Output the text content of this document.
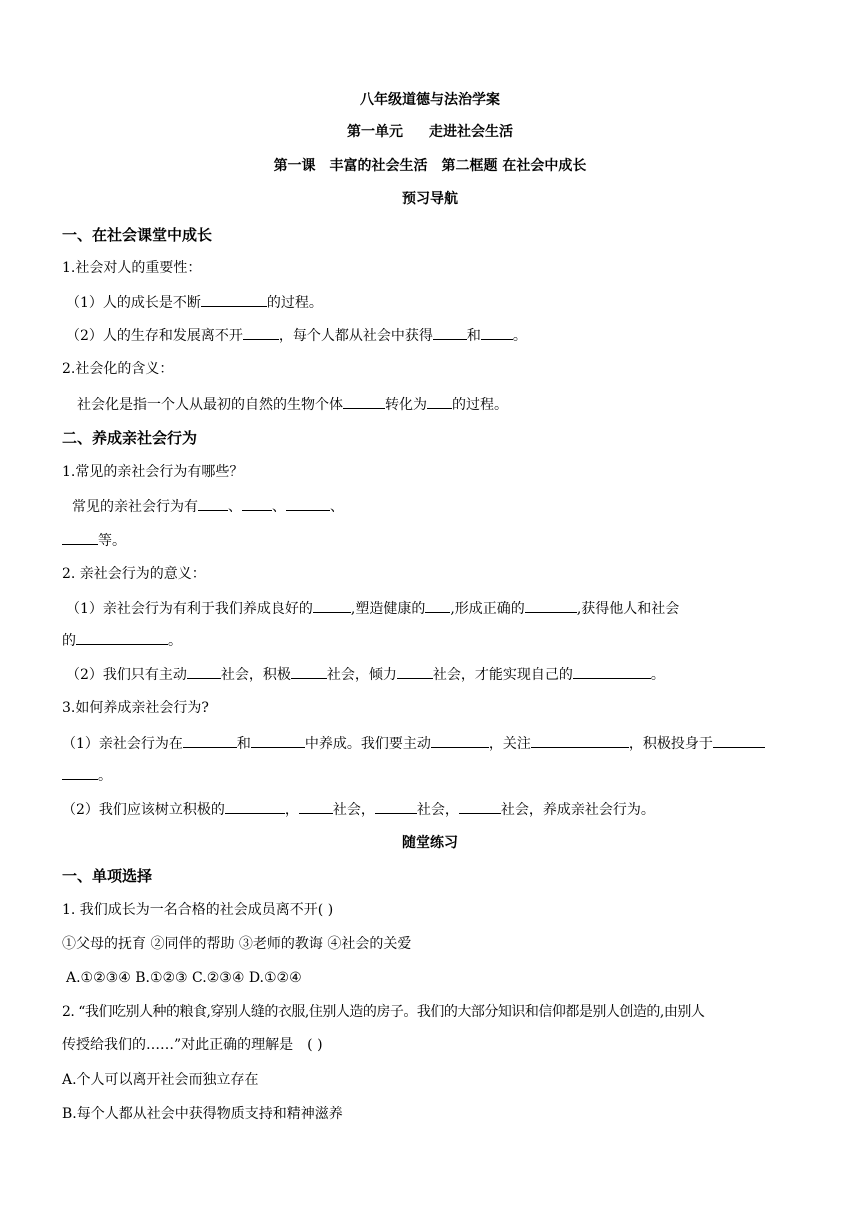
八年级道德与法治学案
第一单元 走进社会生活
第一课　丰富的社会生活　第二框题 在社会中成长
预习导航
一、在社会课堂中成长
1.社会对人的重要性：
（1）人的成长是不断	的过程。
（2）人的生存和发展离不开	，每个人都从社会中获得 和 。
2.社会化的含义：
社会化是指一个人从最初的自然的生物个体	转化为 的过程。
二、养成亲社会行为
1.常见的亲社会行为有哪些？
常见的亲社会行为有 、 、	、
等。
2. 亲社会行为的意义：
（1）亲社会行为有利于我们养成良好的	,塑造健康的 ,形成正确的	,获得他人和社会
的	。
（2）我们只有主动 社会，积极	社会，倾力	社会，才能实现自己的	。
3.如何养成亲社会行为?
（1）亲社会行为在	和	中养成。我们要主动	，关注	，积极投身于
。
（2）我们应该树立积极的	， 社会，	社会，	社会，养成亲社会行为。
随堂练习
一、单项选择
1. 我们成长为一名合格的社会成员离不开( )
①父母的抚育 ②同伴的帮助 ③老师的教诲 ④社会的关爱
A.①②③④ B.①②③ C.②③④ D.①②④
2. “我们吃别人种的粮食,穿别人缝的衣服,住别人造的房子。我们的大部分知识和信仰都是别人创造的,由别人
传授给我们的……”对此正确的理解是　( )
A.个人可以离开社会而独立存在
B.每个人都从社会中获得物质支持和精神滋养
